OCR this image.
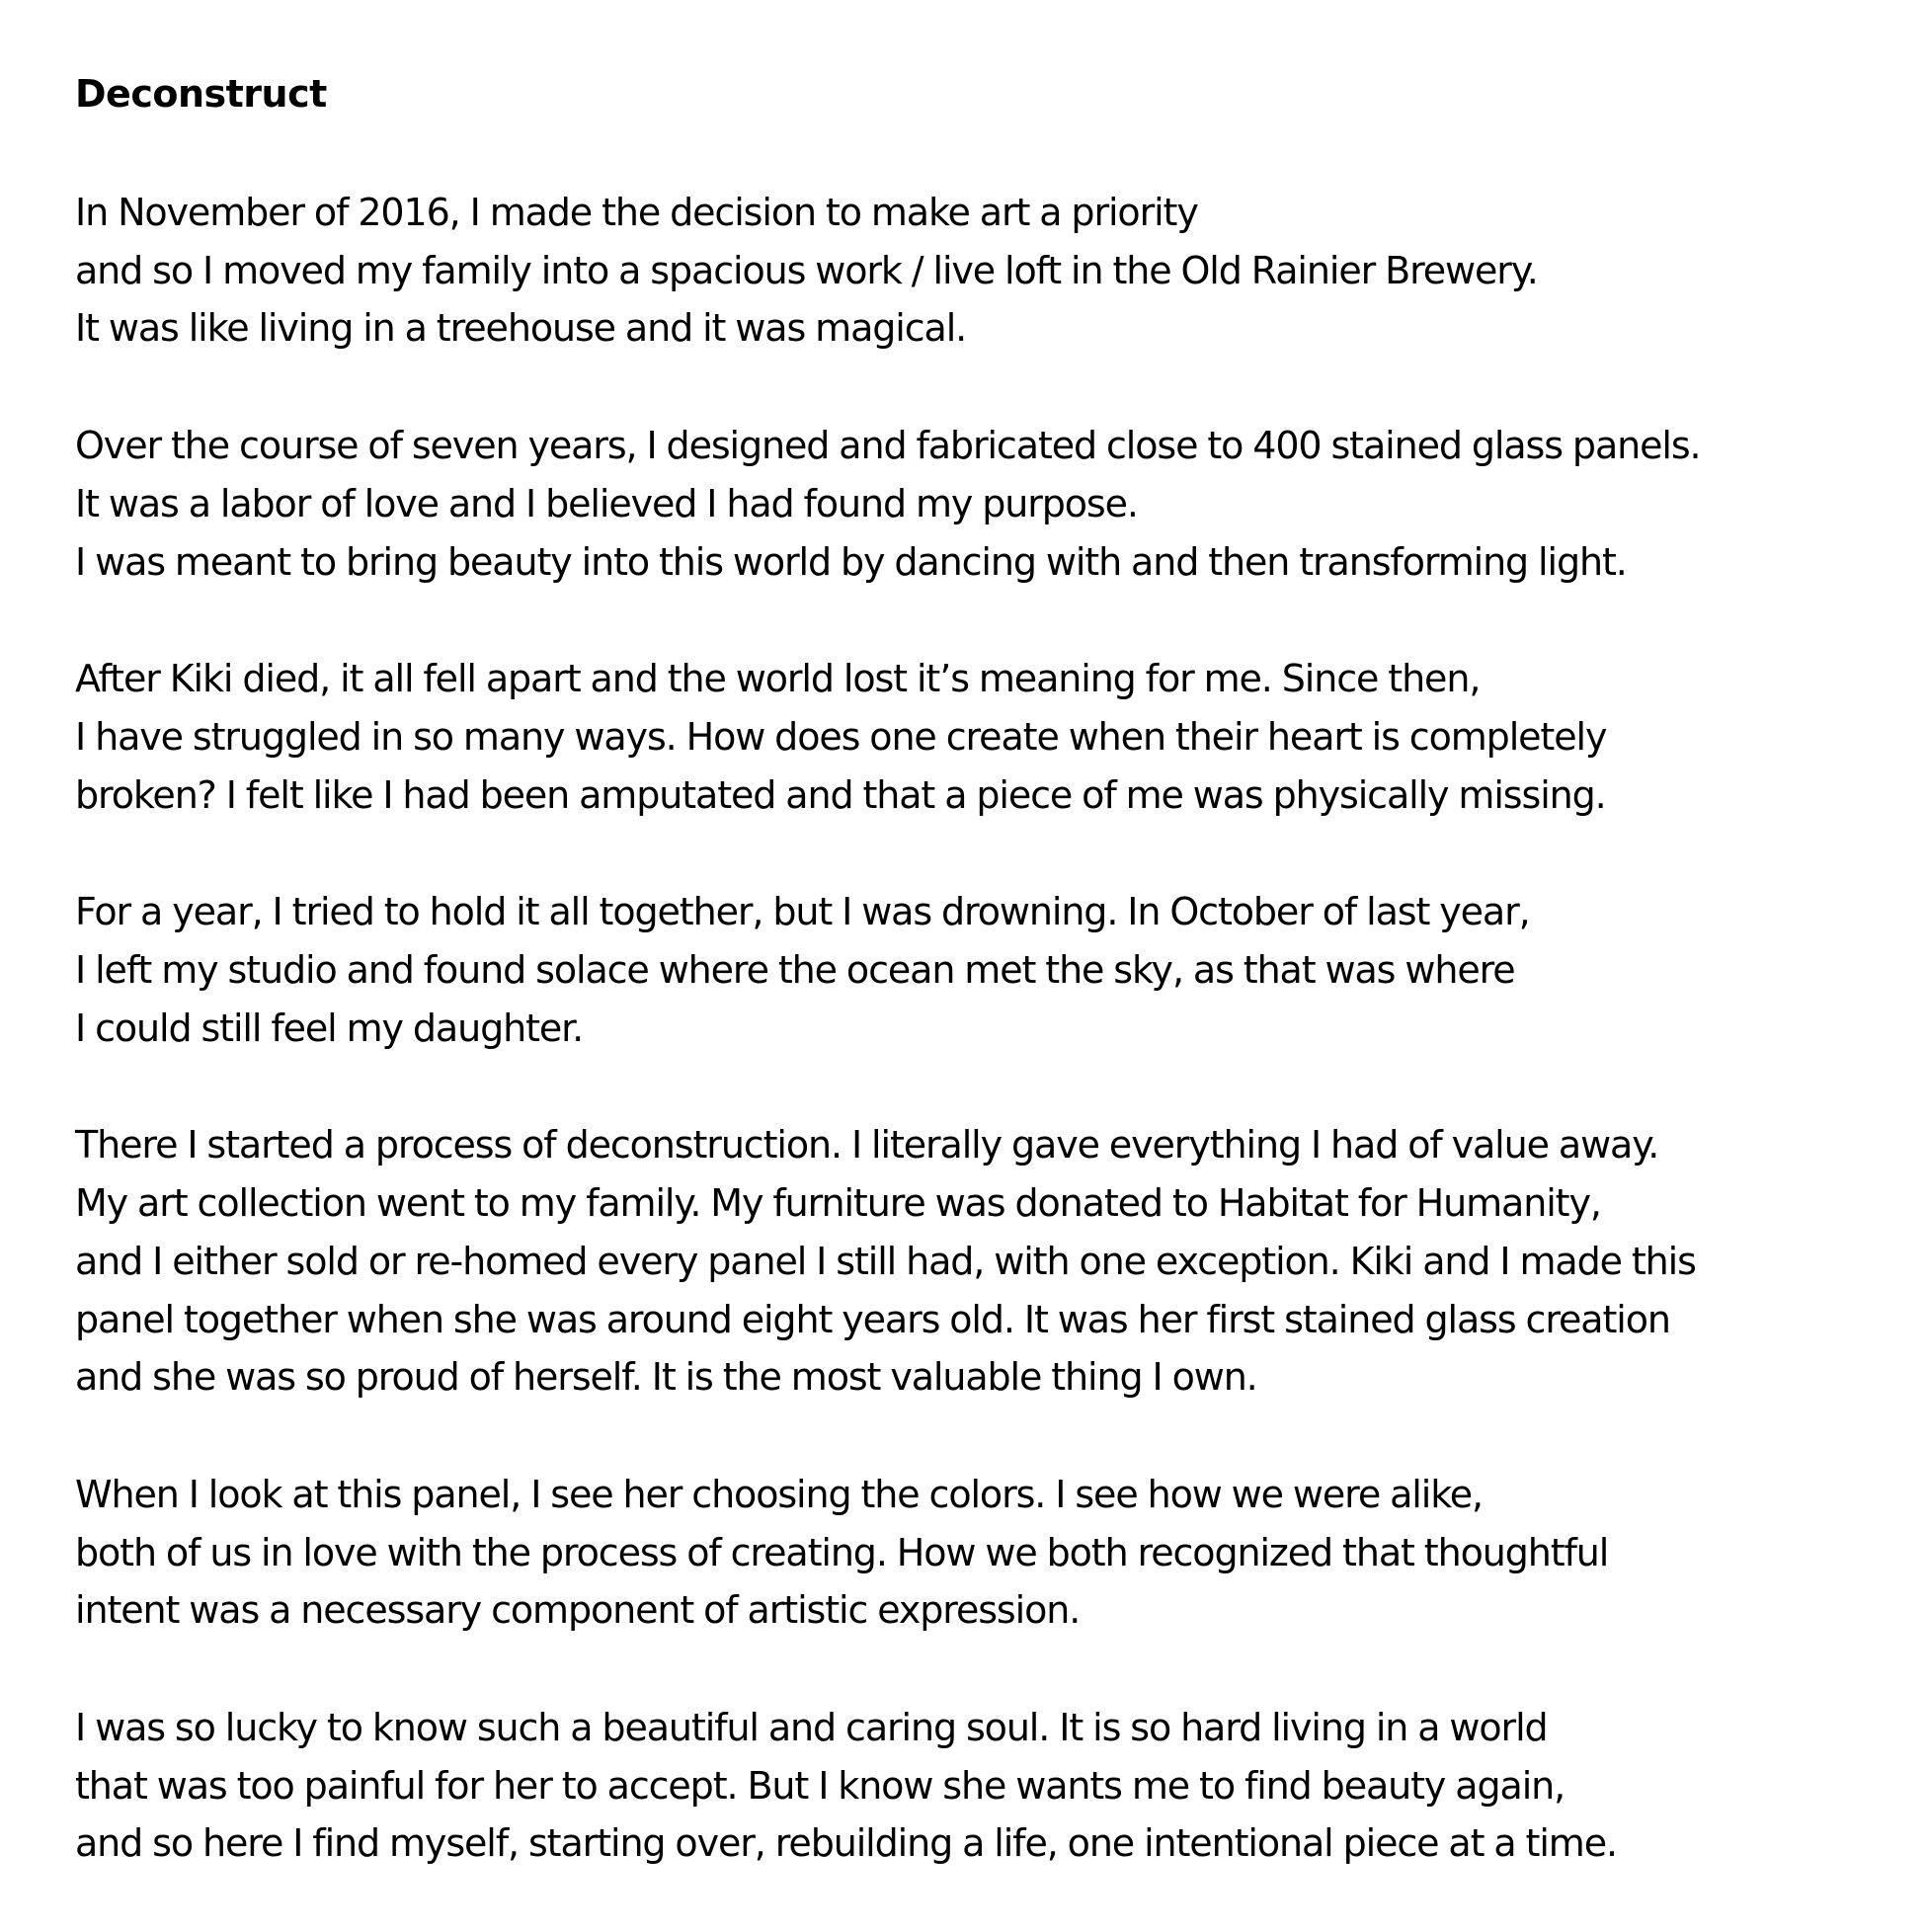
Deconstruct
In November of 2016, I made the decision to make art a priority
and so I moved my family into a spacious work / live loft in the Old Rainier Brewery.
It was like living in a treehouse and it was magical.
Over the course of seven years, I designed and fabricated close to 400 stained glass panels.
It was a labor of love and I believed I had found my purpose.
I was meant to bring beauty into this world by dancing with and then transforming light.
After Kiki died, it all fell apart and the world lost it’s meaning for me. Since then,
I have struggled in so many ways. How does one create when their heart is completely
broken? I felt like I had been amputated and that a piece of me was physically missing.
For a year, I tried to hold it all together, but I was drowning. In October of last year,
I left my studio and found solace where the ocean met the sky, as that was where
I could still feel my daughter.
There I started a process of deconstruction. I literally gave everything I had of value away.
My art collection went to my family. My furniture was donated to Habitat for Humanity,
and I either sold or re-homed every panel I still had, with one exception. Kiki and I made this
panel together when she was around eight years old. It was her first stained glass creation
and she was so proud of herself. It is the most valuable thing I own.
When I look at this panel, I see her choosing the colors. I see how we were alike,
both of us in love with the process of creating. How we both recognized that thoughtful
intent was a necessary component of artistic expression.
I was so lucky to know such a beautiful and caring soul. It is so hard living in a world
that was too painful for her to accept. But I know she wants me to find beauty again,
and so here I find myself, starting over, rebuilding a life, one intentional piece at a time.
